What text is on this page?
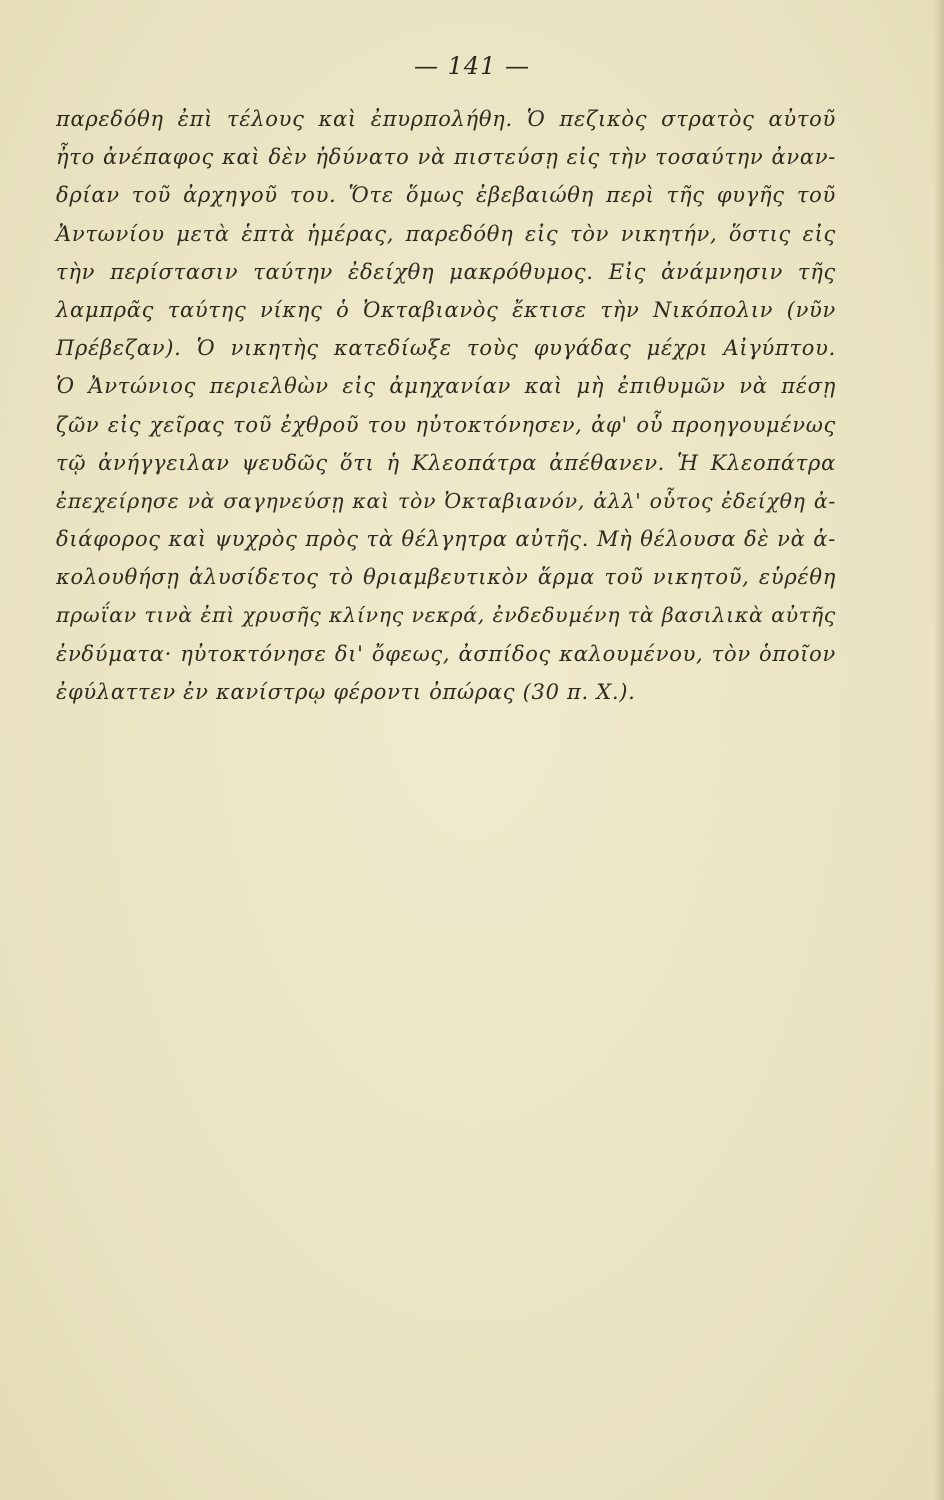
— 141 —
παρεδόθη ἐπὶ τέλους καὶ ἐπυρπολήθη. Ὁ πεζικὸς στρατὸς αὐτοῦ
ἦτο ἀνέπαφος καὶ δὲν ἠδύνατο νὰ πιστεύσῃ εἰς τὴν τοσαύτην ἀναν-
δρίαν τοῦ ἀρχηγοῦ του. Ὅτε ὅμως ἐβεβαιώθη περὶ τῆς φυγῆς τοῦ
Ἀντωνίου μετὰ ἑπτὰ ἡμέρας, παρεδόθη εἰς τὸν νικητήν, ὅστις εἰς
τὴν περίστασιν ταύτην ἐδείχθη μακρόθυμος. Εἰς ἀνάμνησιν τῆς
λαμπρᾶς ταύτης νίκης ὁ Ὀκταβιανὸς ἔκτισε τὴν Νικόπολιν (νῦν
Πρέβεζαν). Ὁ νικητὴς κατεδίωξε τοὺς φυγάδας μέχρι Αἰγύπτου.
Ὁ Ἀντώνιος περιελθὼν εἰς ἀμηχανίαν καὶ μὴ ἐπιθυμῶν νὰ πέσῃ
ζῶν εἰς χεῖρας τοῦ ἐχθροῦ του ηὐτοκτόνησεν, ἀφ' οὗ προηγουμένως
τῷ ἀνήγγειλαν ψευδῶς ὅτι ἡ Κλεοπάτρα ἀπέθανεν. Ἡ Κλεοπάτρα
ἐπεχείρησε νὰ σαγηνεύσῃ καὶ τὸν Ὀκταβιανόν, ἀλλ' οὗτος ἐδείχθη ἀ-
διάφορος καὶ ψυχρὸς πρὸς τὰ θέλγητρα αὐτῆς. Μὴ θέλουσα δὲ νὰ ἀ-
κολουθήσῃ ἁλυσίδετος τὸ θριαμβευτικὸν ἅρμα τοῦ νικητοῦ, εὑρέθη
πρωΐαν τινὰ ἐπὶ χρυσῆς κλίνης νεκρά, ἐνδεδυμένη τὰ βασιλικὰ αὐτῆς
ἐνδύματα· ηὐτοκτόνησε δι' ὄφεως, ἀσπίδος καλουμένου, τὸν ὁποῖον
ἐφύλαττεν ἐν κανίστρῳ φέροντι ὀπώρας (30 π. Χ.).
